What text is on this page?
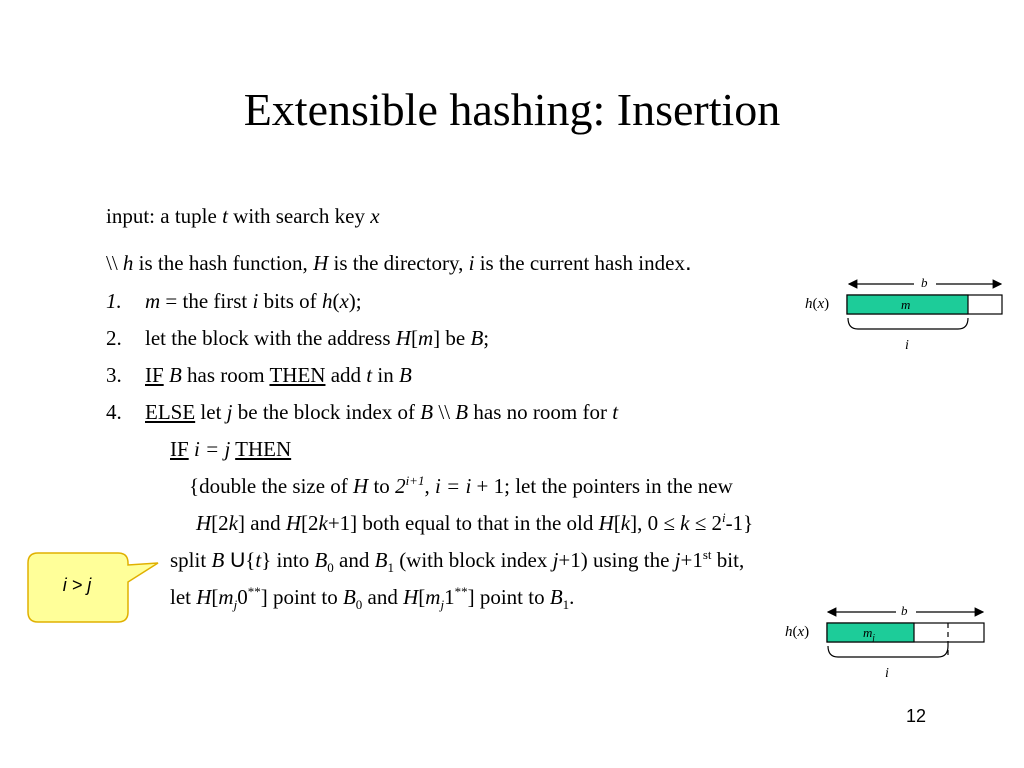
Extensible hashing: Insertion
input: a tuple t with search key x
\\ h is the hash function, H is the directory, i is the current hash index.
1. m = the first i bits of h(x);
2. let the block with the address H[m] be B;
3. IF B has room THEN add t in B
4. ELSE let j be the block index of B \\ B has no room for t
IF i = j THEN
{double the size of H to $2^{i+1}$, i = i + 1; let the pointers in the new
H[2k] and H[2k+1] both equal to that in the old H[k], $0 \le k \le 2^i-1$}
split B U{t} into $B_0$ and $B_1$ (with block index j+1) using the j+1st bit,
let $H[m_j0^{**}]$ point to $B_0$ and $H[m_j1^{**}]$ point to $B_1$.
i > j
b
h(x)	m
i
b
h(x)	$m_j$
i
12
